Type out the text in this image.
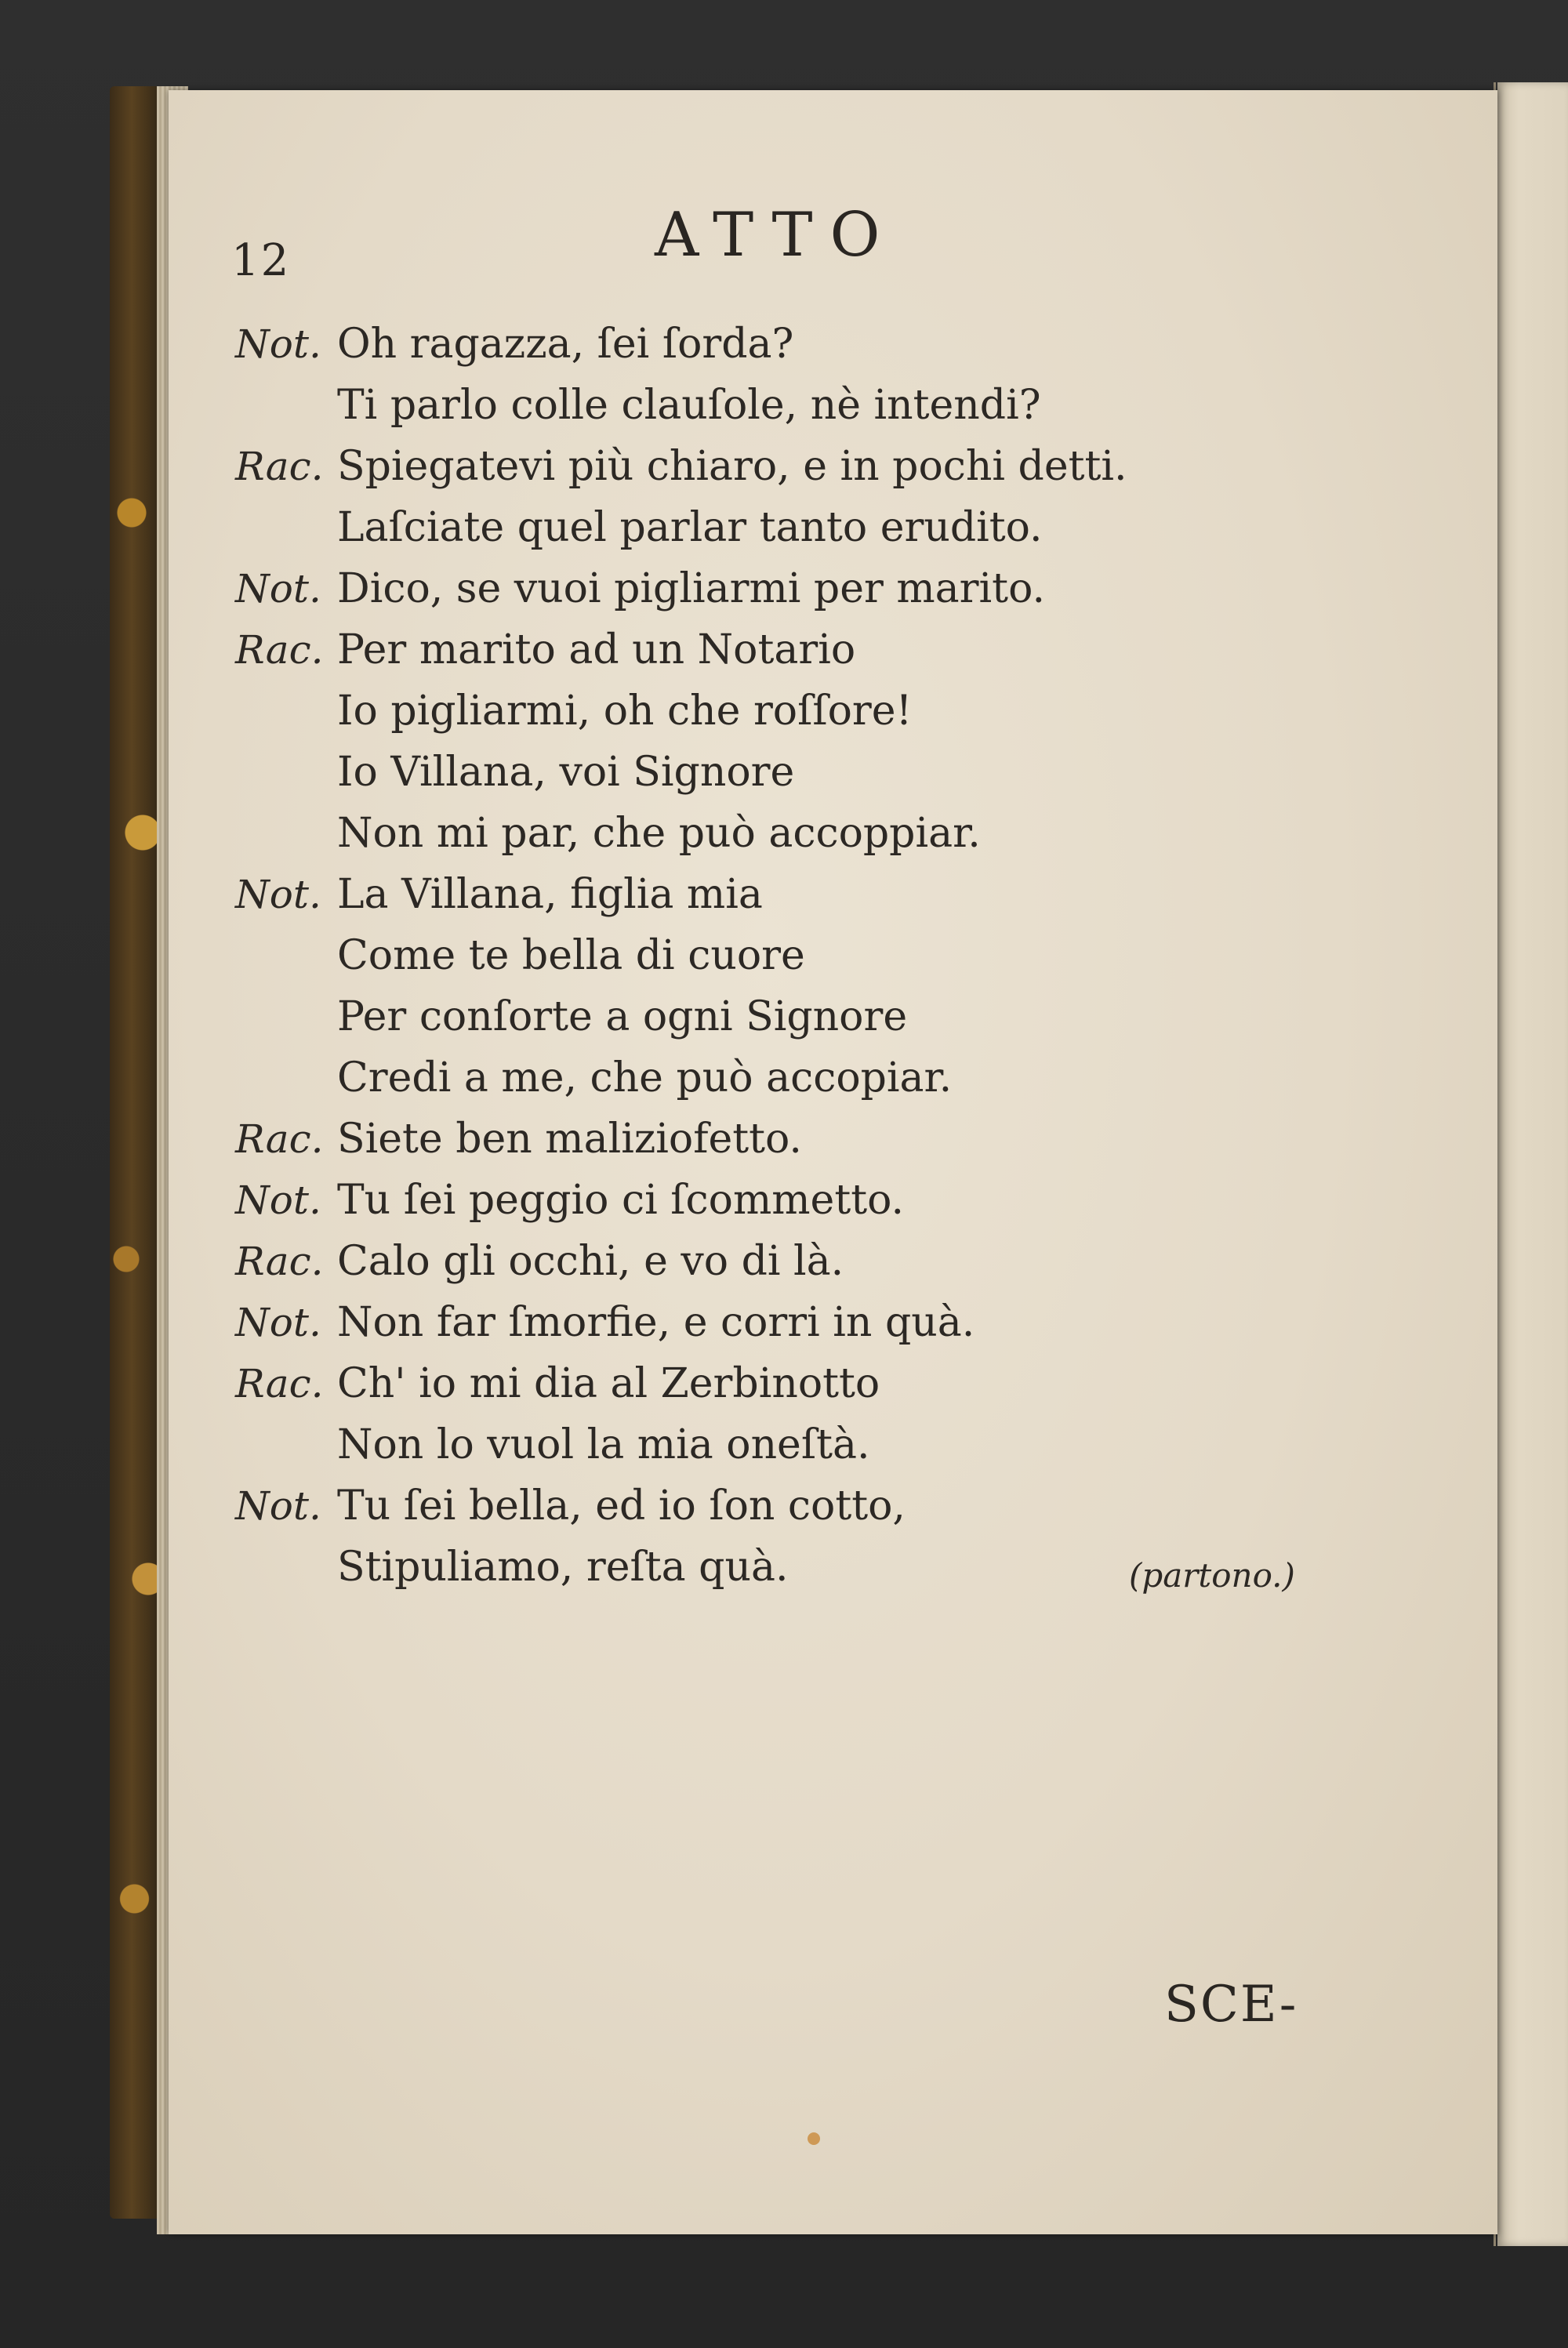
12	ATTO
Not. Oh ragazza, ſei ſorda?
Ti parlo colle clauſole, nè intendi?
Rac. Spiegatevi più chiaro, e in pochi detti.
Laſciate quel parlar tanto erudito.
Not. Dico, se vuoi pigliarmi per marito.
Rac. Per marito ad un Notario
Io pigliarmi, oh che roſſore!
Io Villana, voi Signore
Non mi par, che può accoppiar.
Not. La Villana, figlia mia
Come te bella di cuore
Per conſorte a ogni Signore
Credi a me, che può accopiar.
Rac. Siete ben maliziofetto.
Not. Tu ſei peggio ci ſcommetto.
Rac. Calo gli occhi, e vo di là.
Not. Non far ſmorfie, e corri in quà.
Rac. Ch' io mi dia al Zerbinotto
Non lo vuol la mia oneſtà.
Not. Tu ſei bella, ed io ſon cotto,
Stipuliamo, reſta quà.	(partono.)
SCE-
